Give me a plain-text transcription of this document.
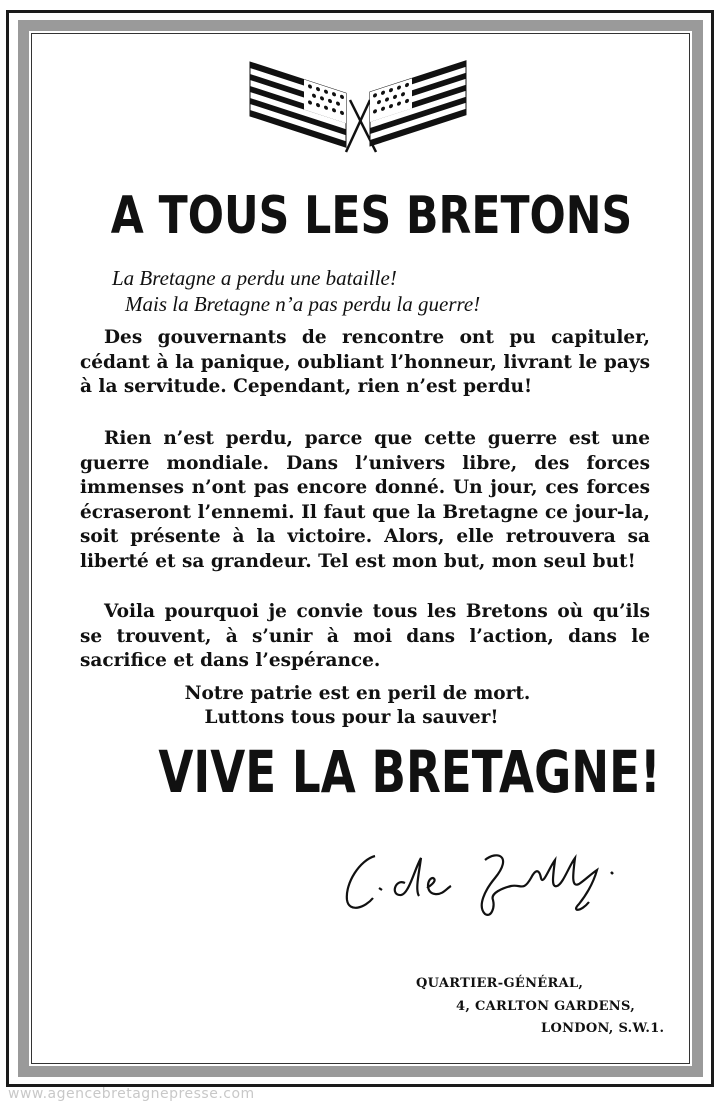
A TOUS LES BRETONS
La Bretagne a perdu une bataille!
Mais la Bretagne n’a pas perdu la guerre!
Des gouvernants de rencontre ont pu capituler, cédant à la panique, oubliant l’honneur, livrant le pays à la servitude. Cependant, rien n’est perdu!
Rien n’est perdu, parce que cette guerre est une guerre mondiale. Dans l’univers libre, des forces immenses n’ont pas encore donné. Un jour, ces forces écraseront l’ennemi. Il faut que la Bretagne ce jour-la, soit présente à la victoire. Alors, elle retrouvera sa liberté et sa grandeur. Tel est mon but, mon seul but!
Voila pourquoi je convie tous les Bretons où qu’ils se trouvent, à s’unir à moi dans l’action, dans le sacrifice et dans l’espérance.
Notre patrie est en peril de mort.
Luttons tous pour la sauver!
VIVE LA BRETAGNE!
QUARTIER-GÉNÉRAL,
4, CARLTON GARDENS,
LONDON, S.W.1.
www.agencebretagnepresse.com
